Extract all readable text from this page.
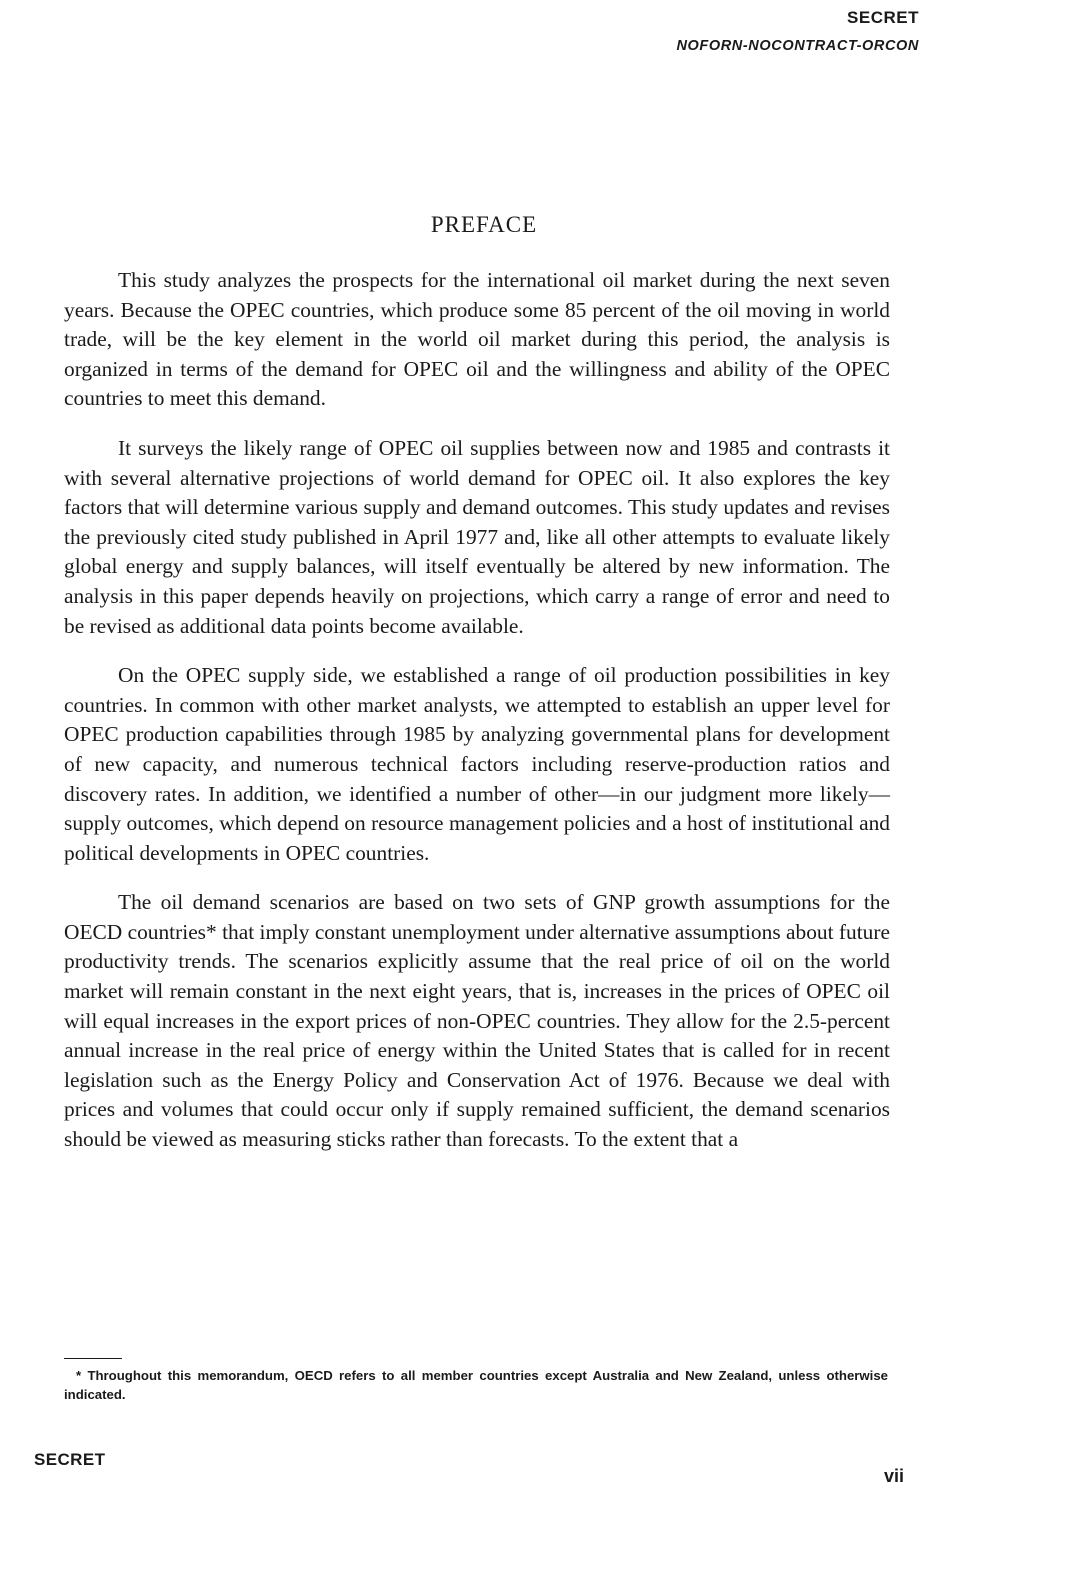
SECRET
NOFORN-NOCONTRACT-ORCON
PREFACE

This study analyzes the prospects for the international oil market during the next seven years. Because the OPEC countries, which produce some 85 percent of the oil moving in world trade, will be the key element in the world oil market during this period, the analysis is organized in terms of the demand for OPEC oil and the willingness and ability of the OPEC countries to meet this demand.

It surveys the likely range of OPEC oil supplies between now and 1985 and contrasts it with several alternative projections of world demand for OPEC oil. It also explores the key factors that will determine various supply and demand outcomes. This study updates and revises the previously cited study published in April 1977 and, like all other attempts to evaluate likely global energy and supply balances, will itself eventually be altered by new information. The analysis in this paper depends heavily on projections, which carry a range of error and need to be revised as additional data points become available.

On the OPEC supply side, we established a range of oil production possibilities in key countries. In common with other market analysts, we attempted to establish an upper level for OPEC production capabilities through 1985 by analyzing governmental plans for development of new capacity, and numerous technical factors including reserve-production ratios and discovery rates. In addition, we identified a number of other—in our judgment more likely—supply outcomes, which depend on resource management policies and a host of institutional and political developments in OPEC countries.

The oil demand scenarios are based on two sets of GNP growth assumptions for the OECD countries* that imply constant unemployment under alternative assumptions about future productivity trends. The scenarios explicitly assume that the real price of oil on the world market will remain constant in the next eight years, that is, increases in the prices of OPEC oil will equal increases in the export prices of non-OPEC countries. They allow for the 2.5-percent annual increase in the real price of energy within the United States that is called for in recent legislation such as the Energy Policy and Conservation Act of 1976. Because we deal with prices and volumes that could occur only if supply remained sufficient, the demand scenarios should be viewed as measuring sticks rather than forecasts. To the extent that a

* Throughout this memorandum, OECD refers to all member countries except Australia and New Zealand, unless otherwise indicated.

SECRET
vii
